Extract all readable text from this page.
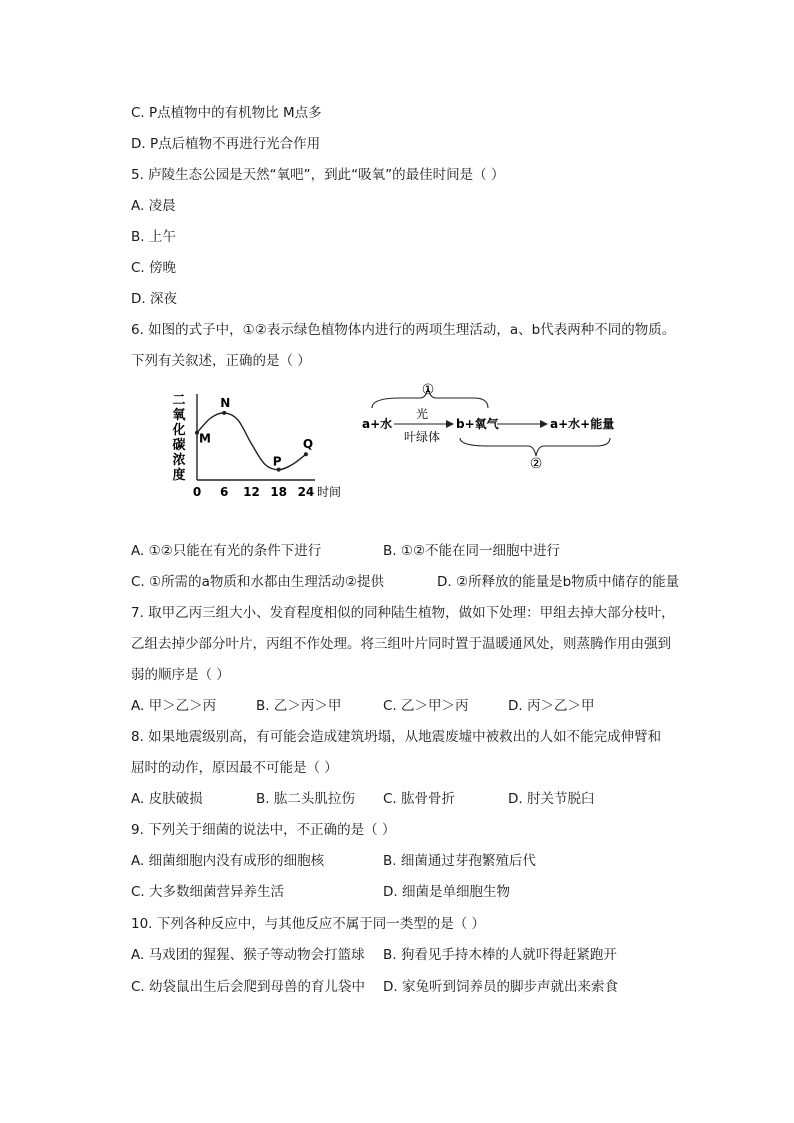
C. P点植物中的有机物比 M点多
D. P点后植物不再进行光合作用
5. 庐陵生态公园是天然“氧吧”，到此“吸氧”的最佳时间是（ ）
A. 凌晨
B. 上午
C. 傍晚
D. 深夜
6. 如图的式子中，①②表示绿色植物体内进行的两项生理活动，a、b代表两种不同的物质。
下列有关叙述，正确的是（ ）
二
氧
化
碳
浓
度
M
N
P
Q
0 6 12 18 24 时间
①
a+水
光
叶绿体
b+氧气	a+水+能量
②
A. ①②只能在有光的条件下进行	B. ①②不能在同一细胞中进行
C. ①所需的a物质和水都由生理活动②提供	D. ②所释放的能量是b物质中储存的能量
7. 取甲乙丙三组大小、发育程度相似的同种陆生植物，做如下处理：甲组去掉大部分枝叶，
乙组去掉少部分叶片，丙组不作处理。将三组叶片同时置于温暖通风处，则蒸腾作用由强到
弱的顺序是（ ）
A. 甲＞乙＞丙	B. 乙＞丙＞甲	C. 乙＞甲＞丙	D. 丙＞乙＞甲
8. 如果地震级别高，有可能会造成建筑坍塌，从地震废墟中被救出的人如不能完成伸臂和
屈时的动作，原因最不可能是（ ）
A. 皮肤破损	B. 肱二头肌拉伤 C. 肱骨骨折	D. 肘关节脱臼
9. 下列关于细菌的说法中，不正确的是（ ）
A. 细菌细胞内没有成形的细胞核	B. 细菌通过芽孢繁殖后代
C. 大多数细菌营异养生活	D. 细菌是单细胞生物
10. 下列各种反应中，与其他反应不属于同一类型的是（ ）
A. 马戏团的猩猩、猴子等动物会打篮球 B. 狗看见手持木棒的人就吓得赶紧跑开
C. 幼袋鼠出生后会爬到母兽的育儿袋中 D. 家兔听到饲养员的脚步声就出来索食
